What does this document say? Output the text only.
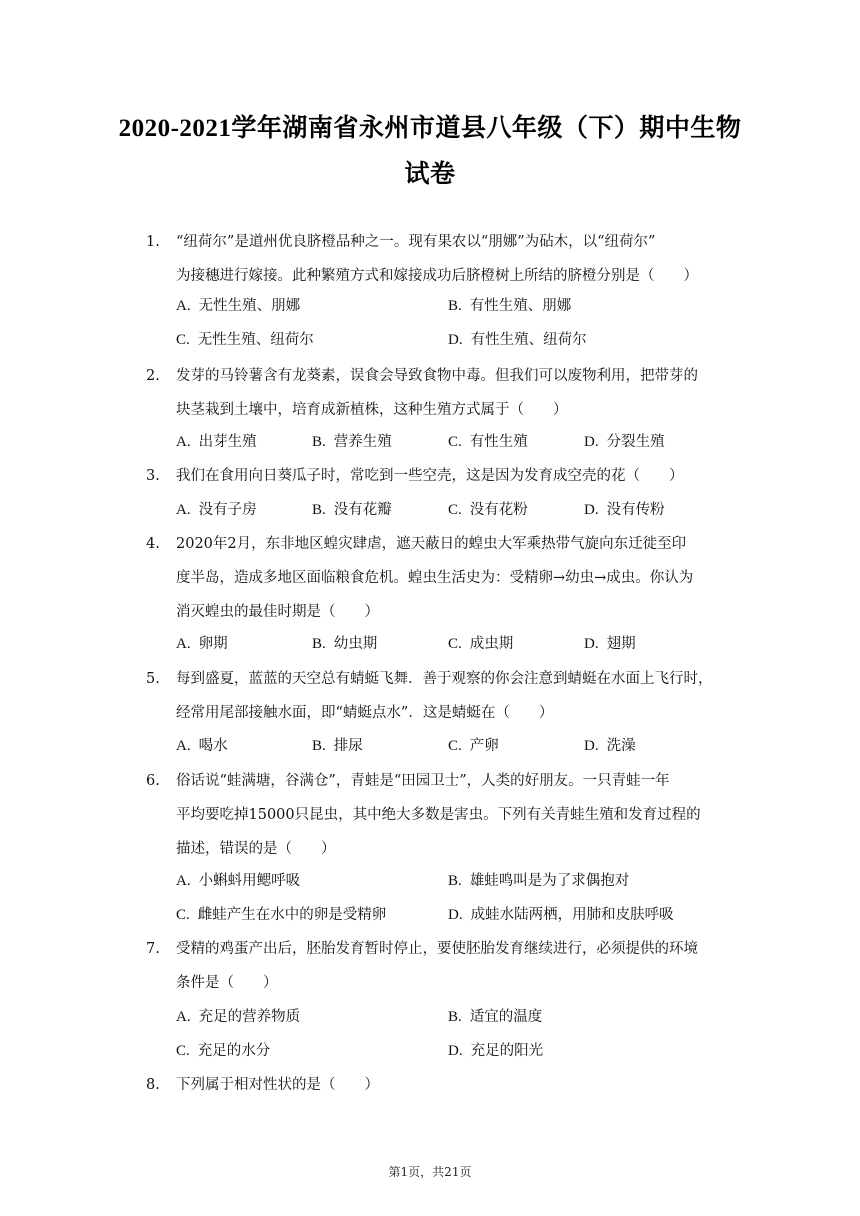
2020-2021学年湖南省永州市道县八年级（下）期中生物
试卷
1. “纽荷尔”是道州优良脐橙品种之一。现有果农以“朋娜”为砧木，以“纽荷尔”
为接穗进行嫁接。此种繁殖方式和嫁接成功后脐橙树上所结的脐橙分别是（　　）
A. 无性生殖、朋娜	B. 有性生殖、朋娜
C. 无性生殖、纽荷尔	D. 有性生殖、纽荷尔
2. 发芽的马铃薯含有龙葵素，误食会导致食物中毒。但我们可以废物利用，把带芽的
块茎栽到土壤中，培育成新植株，这种生殖方式属于（　　）
A. 出芽生殖	B. 营养生殖	C. 有性生殖	D. 分裂生殖
3. 我们在食用向日葵瓜子时，常吃到一些空壳，这是因为发育成空壳的花（　　）
A. 没有子房	B. 没有花瓣	C. 没有花粉	D. 没有传粉
4. 2020年2月，东非地区蝗灾肆虐，遮天蔽日的蝗虫大军乘热带气旋向东迁徙至印
度半岛，造成多地区面临粮食危机。蝗虫生活史为：受精卵→幼虫→成虫。你认为
消灭蝗虫的最佳时期是（　　）
A. 卵期	B. 幼虫期	C. 成虫期	D. 翅期
5. 每到盛夏，蓝蓝的天空总有蜻蜓飞舞．善于观察的你会注意到蜻蜓在水面上飞行时，
经常用尾部接触水面，即“蜻蜓点水”．这是蜻蜓在（　　）
A. 喝水	B. 排尿	C. 产卵	D. 洗澡
6. 俗话说“蛙满塘，谷满仓”，青蛙是“田园卫士”，人类的好朋友。一只青蛙一年
平均要吃掉15000只昆虫，其中绝大多数是害虫。下列有关青蛙生殖和发育过程的
描述，错误的是（　　）
A. 小蝌蚪用鳃呼吸	B. 雄蛙鸣叫是为了求偶抱对
C. 雌蛙产生在水中的卵是受精卵	D. 成蛙水陆两栖，用肺和皮肤呼吸
7. 受精的鸡蛋产出后，胚胎发育暂时停止，要使胚胎发育继续进行，必须提供的环境
条件是（　　）
A. 充足的营养物质	B. 适宜的温度
C. 充足的水分	D. 充足的阳光
8. 下列属于相对性状的是（　　）
第1页，共21页
